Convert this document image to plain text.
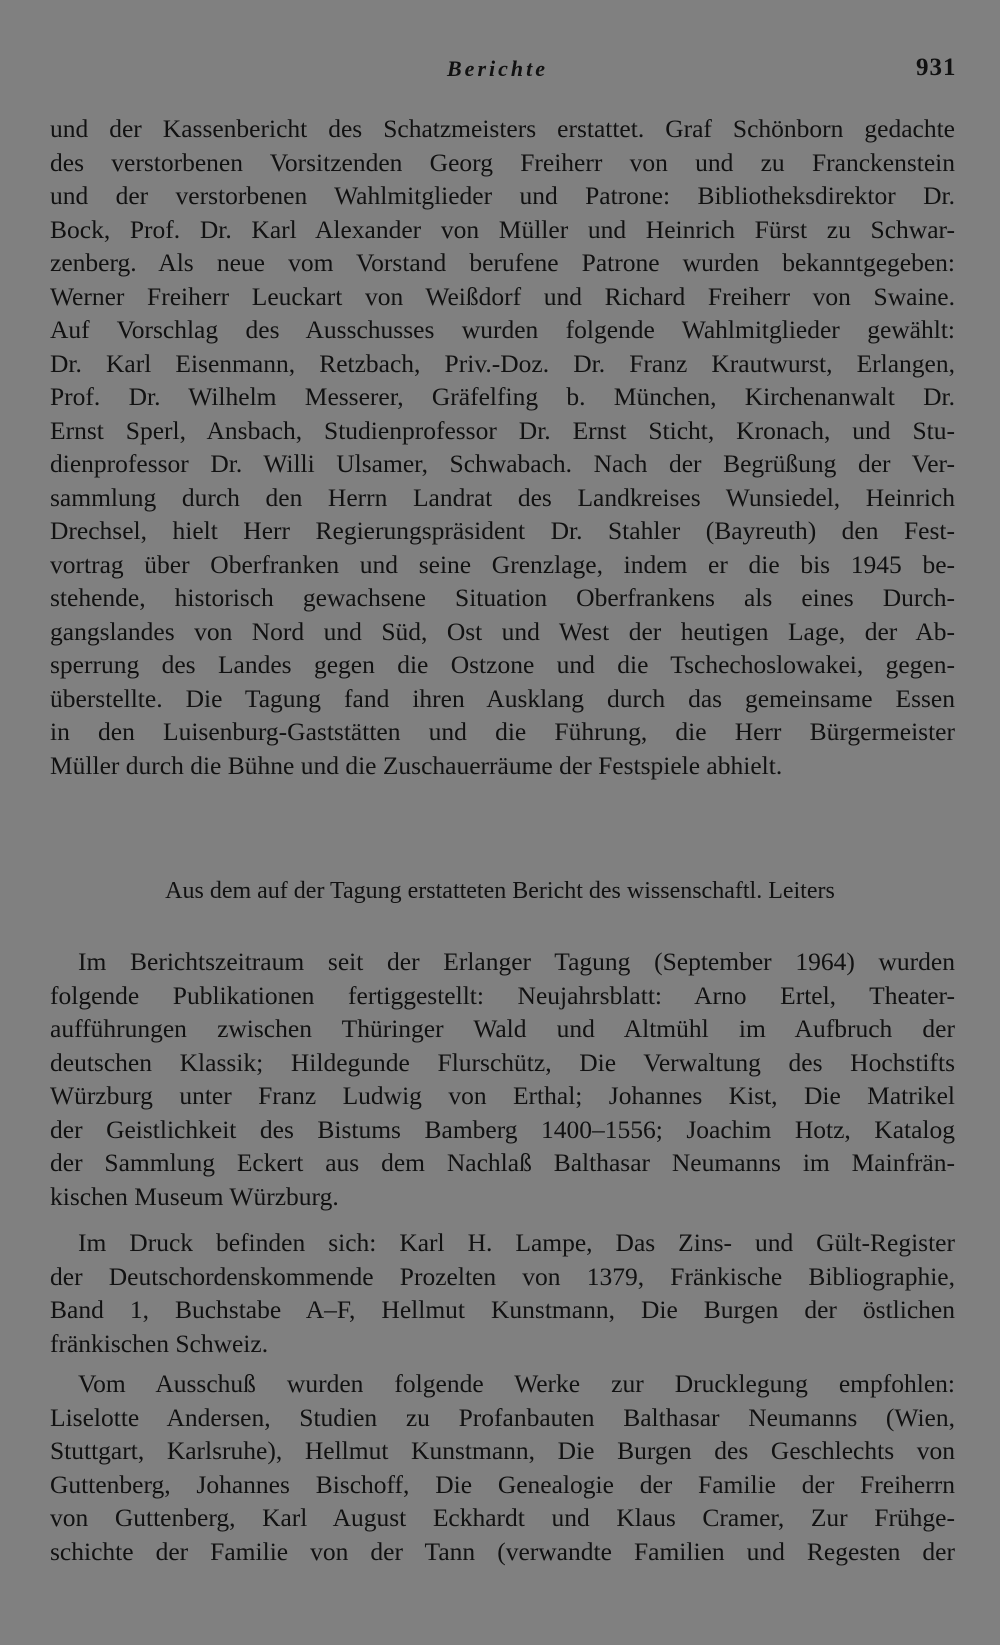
Berichte	931
und der Kassenbericht des Schatzmeisters erstattet. Graf Schönborn gedachte
des verstorbenen Vorsitzenden Georg Freiherr von und zu Franckenstein
und der verstorbenen Wahlmitglieder und Patrone: Bibliotheksdirektor Dr.
Bock, Prof. Dr. Karl Alexander von Müller und Heinrich Fürst zu Schwar-
zenberg. Als neue vom Vorstand berufene Patrone wurden bekanntgegeben:
Werner Freiherr Leuckart von Weißdorf und Richard Freiherr von Swaine.
Auf Vorschlag des Ausschusses wurden folgende Wahlmitglieder gewählt:
Dr. Karl Eisenmann, Retzbach, Priv.-Doz. Dr. Franz Krautwurst, Erlangen,
Prof. Dr. Wilhelm Messerer, Gräfelfing b. München, Kirchenanwalt Dr.
Ernst Sperl, Ansbach, Studienprofessor Dr. Ernst Sticht, Kronach, und Stu-
dienprofessor Dr. Willi Ulsamer, Schwabach. Nach der Begrüßung der Ver-
sammlung durch den Herrn Landrat des Landkreises Wunsiedel, Heinrich
Drechsel, hielt Herr Regierungspräsident Dr. Stahler (Bayreuth) den Fest-
vortrag über Oberfranken und seine Grenzlage, indem er die bis 1945 be-
stehende, historisch gewachsene Situation Oberfrankens als eines Durch-
gangslandes von Nord und Süd, Ost und West der heutigen Lage, der Ab-
sperrung des Landes gegen die Ostzone und die Tschechoslowakei, gegen-
überstellte. Die Tagung fand ihren Ausklang durch das gemeinsame Essen
in den Luisenburg-Gaststätten und die Führung, die Herr Bürgermeister
Müller durch die Bühne und die Zuschauerräume der Festspiele abhielt.
Aus dem auf der Tagung erstatteten Bericht des wissenschaftl. Leiters
Im Berichtszeitraum seit der Erlanger Tagung (September 1964) wurden
folgende Publikationen fertiggestellt: Neujahrsblatt: Arno Ertel, Theater-
aufführungen zwischen Thüringer Wald und Altmühl im Aufbruch der
deutschen Klassik; Hildegunde Flurschütz, Die Verwaltung des Hochstifts
Würzburg unter Franz Ludwig von Erthal; Johannes Kist, Die Matrikel
der Geistlichkeit des Bistums Bamberg 1400–1556; Joachim Hotz, Katalog
der Sammlung Eckert aus dem Nachlaß Balthasar Neumanns im Mainfrän-
kischen Museum Würzburg.
Im Druck befinden sich: Karl H. Lampe, Das Zins- und Gült-Register
der Deutschordenskommende Prozelten von 1379, Fränkische Bibliographie,
Band 1, Buchstabe A–F, Hellmut Kunstmann, Die Burgen der östlichen
fränkischen Schweiz.
Vom Ausschuß wurden folgende Werke zur Drucklegung empfohlen:
Liselotte Andersen, Studien zu Profanbauten Balthasar Neumanns (Wien,
Stuttgart, Karlsruhe), Hellmut Kunstmann, Die Burgen des Geschlechts von
Guttenberg, Johannes Bischoff, Die Genealogie der Familie der Freiherrn
von Guttenberg, Karl August Eckhardt und Klaus Cramer, Zur Frühge-
schichte der Familie von der Tann (verwandte Familien und Regesten der
